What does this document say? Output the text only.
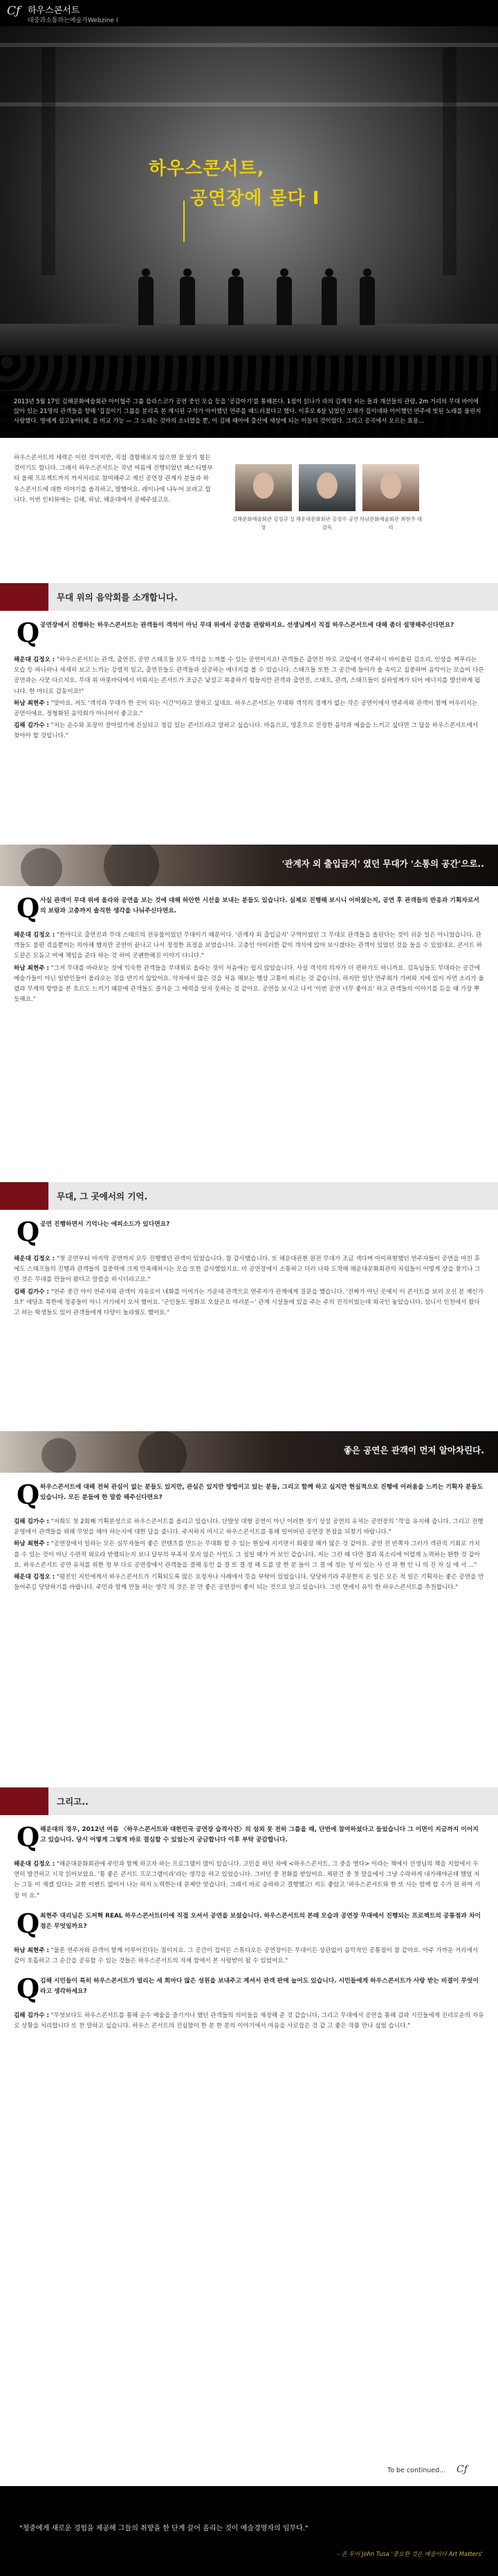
Cƒ 하우스콘서트
대중과소통하는예술가Webzine I
하우스콘서트,
공연장에 묻다 I
2013년 5월 17일 김해문화예술회관 아이협주 그룹 플라스코가 공연 중인 모습 등을 '공감아기'를 통해본다. 1점이 읽나가 라의 김계작 씨는 돌과 개선들의 관람, 2m 거리의 무대 바이에 앉아 있는 21명의 관객들을 향해 '집집이기 그룹을 분리옥 본 계시된 구석가 아이했던 연주를 때드러졌다고 했다. 이후로 6살 넘었던 모대가 집이네와 아이했던 연주에 빗된 노래를 울린지 사랑했다. 명에게 쉽고놓아(체, 을 비교 가능 — 그 노래는 것마의 소녀였을 뿐, 이 김해 때아에 출산에 세상에 되는 이들의 것이었다. 그리고 공곡에서 오르는 효용...
하우스콘서트의 세력은 이런 것이지만, 직접 경험해보지 않으면 잘 알기 힘든 것이기도 합니다. 그래서 하우스콘서트는 작년 여름에 진행되었던 페스티벌부터 올해 프로젝트까지 까지처리로 참여해주고 계신 공연장 관계자 분들과 하우스콘서트에 대한 이야기를 솔직하고, 발했어요. 레이나에 나누어 보려고 합니다. 이번 인터뷰에는 김해, 하남, 해운대에서 공헤주셨고요.
김해문화예술회관 김성규 실장
해운대문화회관 김정수 공연감독
하남문화예술회관 최현주 대리
무대 위의 음악회를 소개합니다.
Q 공연장에서 진행하는 하우스콘서트는 관객들이 객석이 아닌 무대 위에서 공연을 관람하지요. 선생님께서 직접 하우스콘서트에 대해 좀더 설명해주신다면요?

해운대 김정오 : "하우스콘서트는 관객, 출연진, 공연 스태프들 모두 객석을 느껴볼 수 있는 공연이지요! 관객들은 출연진 바로 코앞에서 연주하시 바이올린 김소리, 인상을 찌푸리는 모습 등 하나하나 세세히 보고 느끼는 강렬적 일고, 출연진들도 관객들과 실공하는 에너지를 볼 수 있습니다. 스태프들 또한 그 공간에 들어가 솔 속이고 집중하며 음악이는 모습이 다른 공연과는 사뭇 다르지요. 무대 위 마룻바닥에서 이뤄지는 콘서트가 조금은 낯설고 복층하기 힘들지만 관객과 출연진, 스태프, 관객, 스태프들이 실하일께가 되어 에너지를 발산하게 됩니다. 한 마디로 감동이죠!"

하남 최현주 : "맞아요. 저도 '객석과 무대가 한 곳이 되는 시간'이라고 말하고 싶네요. 하우스콘서트는 무대와 객석의 경계가 없는 작은 공연이에서 연주자와 관객이 함께 어우러지는 공연이에요. 정형화된 음악회가 아니어서 좋고요."

김해 김가수 : "저는 순수와 포장이 잘아있기에 진실되고 정감 있는 콘서트라고 말하고 싶습니다. 마음으로, 영혼으로 진정한 음악과 예술을 느끼고 싶다면 그 답을 하우스콘서트에서 찾아야 할 것입니다."

'관계자 외 출입금지' 였던 무대가 '소통의 공간'으로..
Q 사실 관객이 무대 위에 올라와 공연을 보는 것에 대해 하안한 시선을 보내는 분들도 있습니다. 실제로 진행해 보시니 어떠셨는지, 공연 후 관객들의 반응과 기획자로서의 보람과 고충까지 솔직한 생각을 나눠주신다면요.

해운대 김정오 : "한마디로 출연진과 무대 스태프의 전유물이었던 무대이기 때문이다. '관계자 외 출입금지' 구역이었던 그 무대로 관객들을 올린다는 것이 쉬운 일은 아니었습니다. 관객들도 불편 겪을뿐이는 의아해 했지만 공연이 끝나고 나서 정정한 표정을 보였습니다. 고층인 아이러한 같이 객석에 앉아 보시겠다는 관객이 있었던 것을 돌을 수 있었네요. 콘서트 하도끝은 모듬고 여예 책임을 준다 하는 것 하여 곳괜한해진 이야기 다니다."

하남 최현주 : "그저 무대를 바라보는 것에 익숙한 관객들을 무대위로 올라는 것이 처음에는 쉽지 않았습니다. 사실 객석의 의자가 더 편하기도 하니까요. 김독님들도 무대라는 공간에 예술가들이 아닌 일반인들이 올라오는 것을 반기지 않았어요. 악자에서 많은 것을 처음 해보는 행상 고통이 따르는 것 같습니다. 하지만 일단 연주회가 가벼와 지에 있어 자연 소리가 울렸과 무게의 항방을 본 흐르도 느끼기 때문에 관객들도 즐거운 그 매력을 알지 못하는 것 같아요. 공연을 보시고 나서 '이번 공연 너무 좋아요' 하고 관객들의 이야기를 듣을 때 가장 뿌듯해요."

무대, 그 곳에서의 기억.
Q 공연 진행하면서 기억나는 에피소드가 있다면요?

해운대 김정오 : "첫 공연부터 마지막 공연까지 모두 진행했던 관객이 있었습니다. 참 감사했습니다. 또 해운대관현 원전 무대가 조금 색다며 아이하현했던 연주자들이 공연을 마친 후에도 스태프들의 진행과 관객들의 집중력에 크게 만족해하시는 모습 또한 감사했었지요. 비 공연장에서 소통하고 더러 나와 도착해 해운대문화회관의 차림들이 어떻게 상을 찾기나 그런 것은 무대를 만들어 왔다고 말씀을 하시더라고요."

김해 김가수 : "연주 중간 아이 연주자와 관객이 자유로이 내화를 이어가는 가운데 관객으로 연주자가 관계에게 질문을 했습니다. '진짜가 아닌 곳에서 이 콘서트를 보러 오신 분 계신가요?' 애당초 북한에 정종들이 아니 거기에서 오셔 했어요. '군인들도 영화로 오셨군요 여러분~' 관계 시설들에 있을 주는 주의 진직이었는데 외국인 놓았습니다. 섬니서 인천에서 왔다고 하는 학생들도 있어 관객들에게 다양이 놀라웠도 했어요."

좋은 공연은 관객이 먼저 알아차린다.
Q 하우스콘서트에 대해 전혀 관심이 없는 분들도 있지만, 관심은 있지만 방법이고 있는 분들, 그리고 함께 하고 싶지만 현실적으로 진행에 어려움을 느끼는 기획자 분들도 있습니다. 모든 분들에 한 말씀 해주신다면요?

김해 김가수 : "저희도 첫 2회째 기획론성으로 하우스콘서트를 올리고 있습니다. 단발성 대형 공연이 아닌 이러한 정기 상설 공연의 유치는 공연장의 '격'을 유지해 줍니다. 그리고 진행 운영에서 관객들을 위해 무엇을 해야 하는지에 대한 답을 줍니다. 주저하지 마시고 하우스콘서트를 통해 일어버린 공연장 본점을 되찾기 바랍니다."

하남 최현주 : "공연장에서 일하는 모든 실무자들이 좋은 컨텐츠를 만드는 무대화 할 수 있는 현실에 지키면서 회광장 해가 많은 것 같아요. 공연 전 반쪽자 그러가 객관적 기회로 가치를 수 있는 것이 아닌 수련적 외로라 받렘되는지 보니 답부의 부족치 못지 않은 사인도 그 점일 때가 커 보인 같습니다. 저는 그런 때 다만 결과 목소리에 어렵게 노력하는 환한 것 같아요. 하우스콘서트 공연 유치를 위한 정 부 다로 공연장에서 관객들을 결해 동인 을 결 또 결 정 해 도를 말 한 분 들이 그 결 에 정는 성 이 있는 사 선 과 현 인 니 의 진 자 심 에 서 ..."

해운대 김정오 : "평진인 지인에게서 하우스콘서트가 기획되도록 많은 요청자나 사례에서 뜻을 부탁이 있었습니다. 당당하기라 주문한지 온 일은 모든 적 일은 기획자는 좋은 공연을 만들어주길 당당하기를 바랍니다. 주민과 함께 만들 하는 생각 의 것은 분 만 좋은 공연장이 좋이 되는 것으로 알고 있습니다. 그런 면에서 유익 한 하우스콘서트를 추천합니다."

그리고..
Q 해운대의 경우, 2012년 여름 〈하우스콘서트와 대한민국 공연장 습격사건〉의 섬외 못 전하 그를을 때, 단번에 참여하셨다고 들었습니다 그 이면이 지금까지 이어지고 있습니다. 당시 어떻게 그렇게 바로 결심할 수 있었는지 궁금합니다 이후 부탁 공감합니다.

해운대 김정오 : "해운대문화회관에 주민과 함께 하고자 하는 프로그램이 많이 있습니다. 고민을 하던 차에 <하우스콘서트, 그 중을 열다> 이라는 책에서 선생님의 책을 지었에서 우연히 발견하고 시작 읽어보았요. '통 좋은 콘서트 프로그램이라'라는 생각을 하고 있었습니다. 그러던 중 전화를 받았어요. 채판건 중 첫 말을에서 그냥 수락하게 내가해야곤데 했었 저는 그동 이 재겠 있다는 교한 이벤트 없어서 나는 하지 노력한는데 문제안 맞습니다. 그래서 바로 승하하고 결행했고! 지도 좋았고 '하우스콘서트와 한 또 사는 함께 할 수가 원 하여 서 장 이 요."

Q 최현주 대리님은 도저혁 REAL 하우스콘서트(이에 직접 오셔서 공연을 보셨습니다. 하우스콘서트의 본래 모습과 공연장 무대에서 진행되는 프로젝트의 공통점과 차이점은 무엇일까요?

하남 최현주 : "물론 연주자와 관객이 함께 이루어진다는 점이지요. 그 공간이 집이든 스튜디오든 공연장이든 무대이든 상관없이 음악적인 공통점이 참 같아요. 아주 가까운 거리에서 같이 호흡하고 그 순간을 공유할 수 있는 것들은 하우스콘서트의 자체 할에서 본 사랑받이 될 수 있었어요."

Q 김해 시민들이 특히 하우스콘서트가 열리는 세 회마다 많은 성원을 보내주고 계셔서 관객 판매 늘어도 있습니다. 시민들에게 하우스콘서트가 사랑 받는 비결이 무엇이라고 생각하세요?

김해 김가수 : "무엇보다도 하우스콘서트를 통해 순수 예술을 즐기거나 했던 관객들의 의미들을 재정해 준 것 같습니다. 그리고 무대에서 공연을 통해 감과 시민들에게 진리로운의 자유로 상황을 처리합니다 또 찬 말하고 싶습니다. 하우스 콘서트의 진심함이 한 분 한 분의 이야기에서 마음을 사로잡은 것 같 고 좋은 작품 만나 싶었 습니다."

To be continued... Cƒ
"청중에게 새로운 경험을 제공해 그들의 취향을 한 단계 끌어 올리는 것이 예술경영자의 임무다."
- 존 무어 John Tusa '중요한 것은 예술이다 Art Matters'
